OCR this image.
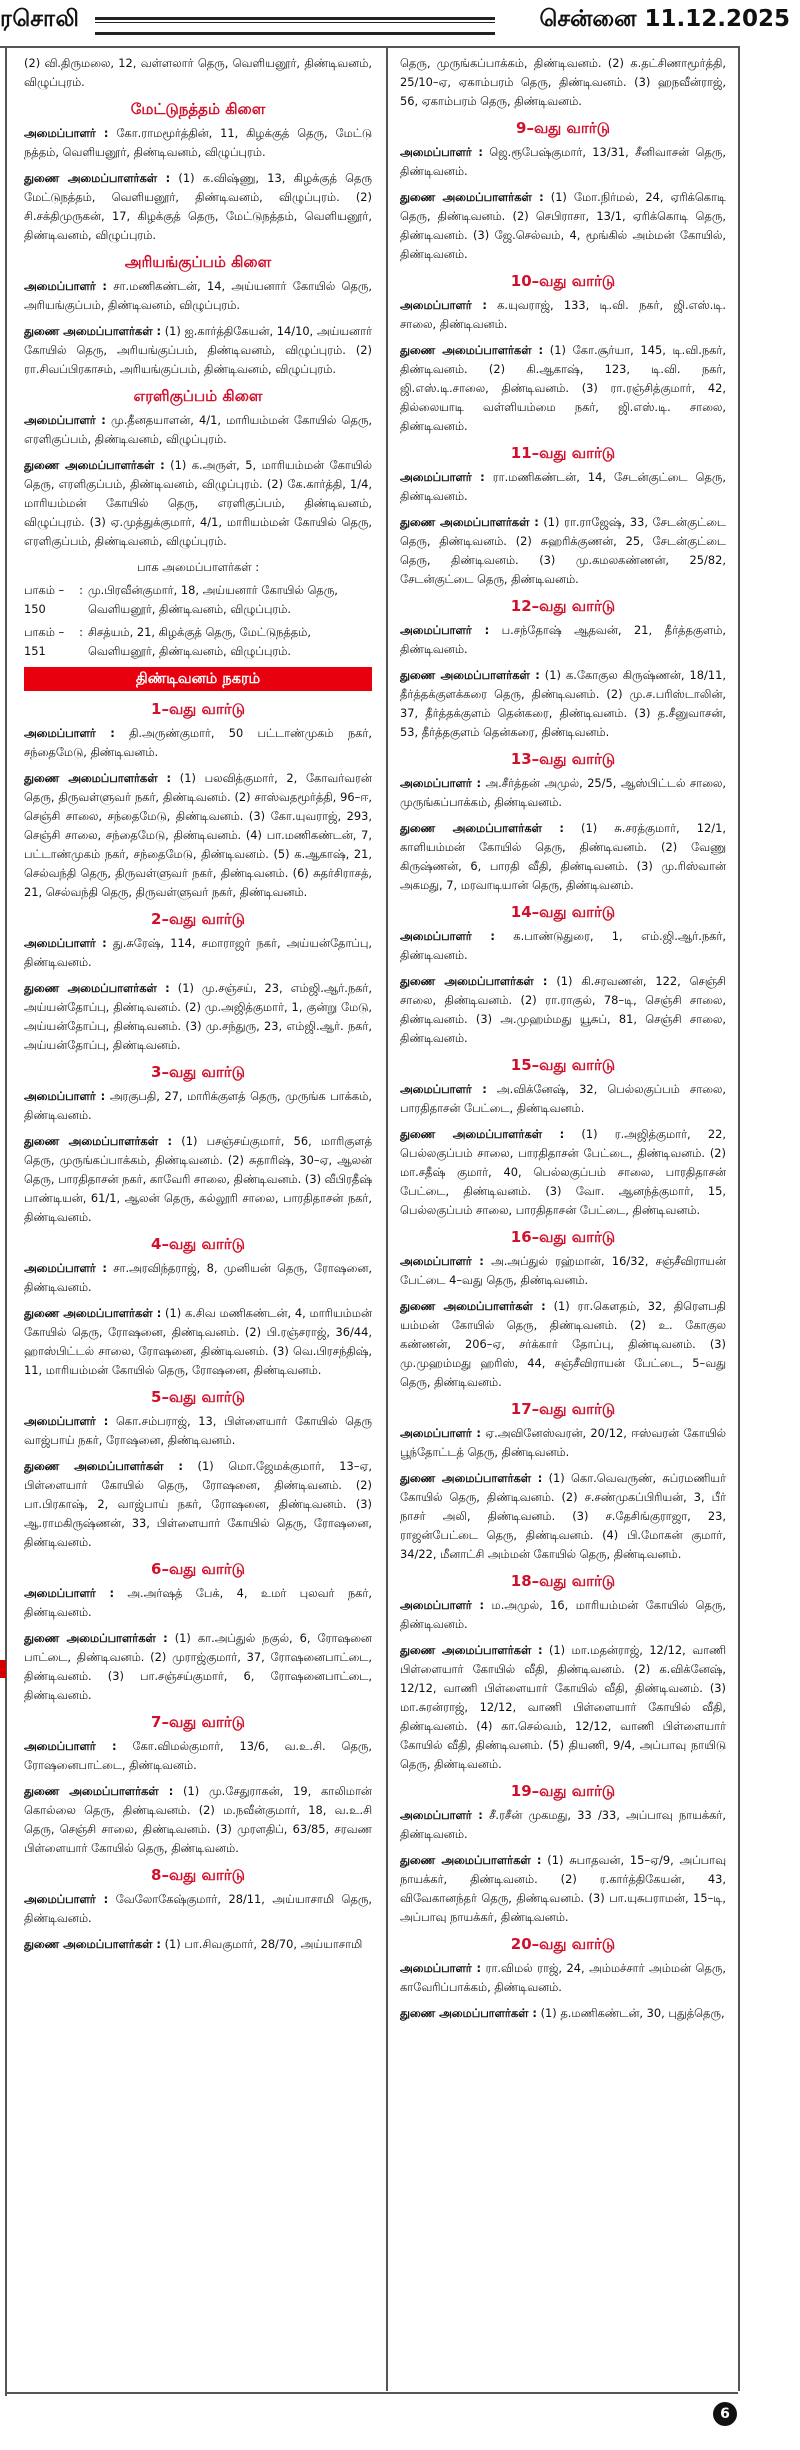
ரசொலி	சென்னை 11.12.2025

(2) வி.திருமலை, 12, வள்ளலார் தெரு, வெளியனூர், திண்டிவனம், விழுப்புரம்.

மேட்டுநத்தம் கிளை

அமைப்பாளர் : கோ.ராமமூர்த்தின், 11, கிழக்குத் தெரு, மேட்டு நத்தம், வெளியனூர், திண்டிவனம், விழுப்புரம்.

துணை அமைப்பாளர்கள் : (1) க.விஷ்ணு, 13, கிழக்குத் தெரு மேட்டுநத்தம், வெளியனூர், திண்டிவனம், விழுப்புரம். (2) சி.சக்திமுருகன், 17, கிழக்குத் தெரு, மேட்டுநத்தம், வெளியனூர், திண்டிவனம், விழுப்புரம்.

அரியங்குப்பம் கிளை

அமைப்பாளர் : சா.மணிகண்டன், 14, அய்யனார் கோயில் தெரு, அரியங்குப்பம், திண்டிவனம், விழுப்புரம்.

துணை அமைப்பாளர்கள் : (1) ஐ.கார்த்திகேயன், 14/10, அய்யனார் கோயில் தெரு, அரியங்குப்பம், திண்டிவனம், விழுப்புரம். (2) ரா.சிவப்பிரகாசம், அரியங்குப்பம், திண்டிவனம், விழுப்புரம்.

எரளிகுப்பம் கிளை

அமைப்பாளர் : மு.தீனதயாளன், 4/1, மாரியம்மன் கோயில் தெரு, எரளிகுப்பம், திண்டிவனம், விழுப்புரம்.

துணை அமைப்பாளர்கள் : (1) க.அருள், 5, மாரியம்மன் கோயில் தெரு, எரளிகுப்பம், திண்டிவனம், விழுப்புரம். (2) கே.கார்த்தி, 1/4, மாரியம்மன் கோயில் தெரு, எரளிகுப்பம், திண்டிவனம், விழுப்புரம். (3) ஏ.முத்துக்குமார், 4/1, மாரியம்மன் கோயில் தெரு, எரளிகுப்பம், திண்டிவனம், விழுப்புரம்.

பாக அமைப்பாளர்கள் :
பாகம் – 150
: மு.பிரவீன்குமார், 18, அய்யனார் கோயில் தெரு, வெளியனூர், திண்டிவனம், விழுப்புரம்.
பாகம் – 151
: சிசத்யம், 21, கிழக்குத் தெரு, மேட்டுநத்தம், வெளியனூர், திண்டிவனம், விழுப்புரம்.
திண்டிவனம் நகரம்
1–வது வார்டு

அமைப்பாளர் : தி.அருண்குமார், 50 பட்டாண்முகம் நகர், சந்தைமேடு, திண்டிவனம்.

துணை அமைப்பாளர்கள் : (1) பலவித்குமார், 2, கோவர்வரன் தெரு, திருவள்ளுவர் நகர், திண்டிவனம். (2) சாஸ்வதமூர்த்தி, 96–ஈ, செஞ்சி சாலை, சந்தைமேடு, திண்டிவனம். (3) கோ.யுவராஜ், 293, செஞ்சி சாலை, சந்தைமேடு, திண்டிவனம். (4) பா.மணிகண்டன், 7, பட்டாண்முகம் நகர், சந்தைமேடு, திண்டிவனம். (5) க.ஆகாஷ், 21, செல்வந்தி தெரு, திருவள்ளுவர் நகர், திண்டிவனம். (6) சுதர்சிராசத், 21, செல்வந்தி தெரு, திருவள்ளுவர் நகர், திண்டிவனம்.

2–வது வார்டு

அமைப்பாளர் : து.சுரேஷ், 114, சமாராஜர் நகர், அய்யன்தோப்பு, திண்டிவனம்.

துணை அமைப்பாளர்கள் : (1) மு.சஞ்சய், 23, எம்ஜி.ஆர்.நகர், அய்யன்தோப்பு, திண்டிவனம். (2) மு.அஜித்குமார், 1, குன்று மேடு, அய்யன்தோப்பு, திண்டிவனம். (3) மு.சந்துரு, 23, எம்ஜி.ஆர். நகர், அய்யன்தோப்பு, திண்டிவனம்.

3–வது வார்டு

அமைப்பாளர் : அரகுபதி, 27, மாரிக்குளத் தெரு, முருங்க பாக்கம், திண்டிவனம்.

துணை அமைப்பாளர்கள் : (1) பசஞ்சய்குமார், 56, மாரிகுளத் தெரு, முருங்கப்பாக்கம், திண்டிவனம். (2) சுதாரிஷ், 30–ஏ, ஆலன் தெரு, பாரதிதாசன் நகர், காவேரி சாலை, திண்டிவனம். (3) வீபிரதீஷ் பாண்டியன், 61/1, ஆலன் தெரு, கல்லூரி சாலை, பாரதிதாசன் நகர், திண்டிவனம்.

4–வது வார்டு

அமைப்பாளர் : சா.அரவிந்தராஜ், 8, முனியன் தெரு, ரோஷனை, திண்டிவனம்.

துணை அமைப்பாளர்கள் : (1) க.சிவ மணிகண்டன், 4, மாரியம்மன் கோயில் தெரு, ரோஷனை, திண்டிவனம். (2) பி.ரஞ்சராஜ், 36/44, ஹாஸ்பிட்டல் சாலை, ரோஷனை, திண்டிவனம். (3) வெ.பிரசந்திஷ், 11, மாரியம்மன் கோயில் தெரு, ரோஷனை, திண்டிவனம்.

5–வது வார்டு

அமைப்பாளர் : கொ.சம்பராஜ், 13, பிள்ளையார் கோயில் தெரு வாஜ்பாய் நகர், ரோஷனை, திண்டிவனம்.

துணை அமைப்பாளர்கள் : (1) மொ.ஜேமக்குமார், 13–ஏ, பிள்ளையார் கோயில் தெரு, ரோஷனை, திண்டிவனம். (2) பா.பிரகாஷ், 2, வாஜ்பாய் நகர், ரோஷனை, திண்டிவனம். (3) ஆ.ராமகிருஷ்ணன், 33, பிள்ளையார் கோயில் தெரு, ரோஷனை, திண்டிவனம்.

6–வது வார்டு

அமைப்பாளர் : அ.அர்ஷத் பேக், 4, உமர் புலவர் நகர், திண்டிவனம்.

துணை அமைப்பாளர்கள் : (1) கா.அப்துல் நகுல், 6, ரோஷனை பாட்டை, திண்டிவனம். (2) முராஜ்குமார், 37, ரோஷனைபாட்டை, திண்டிவனம். (3) பா.சஞ்சய்குமார், 6, ரோஷனைபாட்டை, திண்டிவனம்.

7–வது வார்டு

அமைப்பாளர் : கோ.விமல்குமார், 13/6, வ.உ.சி. தெரு, ரோஷனைபாட்டை, திண்டிவனம்.

துணை அமைப்பாளர்கள் : (1) மு.சேதுராகன், 19, காலிமான் கொல்லை தெரு, திண்டிவனம். (2) ம.நவீன்குமார், 18, வ.உ.சி தெரு, செஞ்சி சாலை, திண்டிவனம். (3) முரளதிப், 63/85, சரவண பிள்ளையார் கோயில் தெரு, திண்டிவனம்.

8–வது வார்டு

அமைப்பாளர் : வேலோகேஷ்குமார், 28/11, அய்யாசாமி தெரு, திண்டிவனம்.

துணை அமைப்பாளர்கள் : (1) பா.சிவகுமார், 28/70, அய்யாசாமி

தெரு, முருங்கப்பாக்கம், திண்டிவனம். (2) க.தட்சிணாமூர்த்தி, 25/10–ஏ, ஏகாம்பரம் தெரு, திண்டிவனம். (3) ஹநவீன்ராஜ், 56, ஏகாம்பரம் தெரு, திண்டிவனம்.

9–வது வார்டு

அமைப்பாளர் : ஜெ.ரூபேஷ்குமார், 13/31, சீனிவாசன் தெரு, திண்டிவனம்.

துணை அமைப்பாளர்கள் : (1) மோ.நிர்மல், 24, ஏரிக்கொடி தெரு, திண்டிவனம். (2) செபிராசா, 13/1, ஏரிக்கொடி தெரு, திண்டிவனம். (3) ஜே.செல்வம், 4, மூங்கில் அம்மன் கோயில், திண்டிவனம்.

10–வது வார்டு

அமைப்பாளர் : க.யுவராஜ், 133, டி.வி. நகர், ஜி.எஸ்.டி. சாலை, திண்டிவனம்.

துணை அமைப்பாளர்கள் : (1) கோ.சூர்யா, 145, டி.வி.நகர், திண்டிவனம். (2) கி.ஆகாஷ், 123, டி.வி. நகர், ஜி.எஸ்.டி.சாலை, திண்டிவனம். (3) ரா.ரஞ்சித்குமார், 42, தில்லையாடி வள்ளியம்மை நகர், ஜி.எஸ்.டி. சாலை, திண்டிவனம்.

11–வது வார்டு

அமைப்பாளர் : ரா.மணிகண்டன், 14, சேடன்குட்டை தெரு, திண்டிவனம்.

துணை அமைப்பாளர்கள் : (1) ரா.ராஜேஷ், 33, சேடன்குட்டை தெரு, திண்டிவனம். (2) சுஹரிக்குணன், 25, சேடன்குட்டை தெரு, திண்டிவனம். (3) மு.கமலகண்ணன், 25/82, சேடன்குட்டை தெரு, திண்டிவனம்.

12–வது வார்டு

அமைப்பாளர் : ப.சந்தோஷ் ஆதவன், 21, தீர்த்தகுளம், திண்டிவனம்.

துணை அமைப்பாளர்கள் : (1) க.கோகுல கிருஷ்ணன், 18/11, தீர்த்தக்குளக்கரை தெரு, திண்டிவனம். (2) மு.ச.பரிஸ்டாலின், 37, தீர்த்தக்குளம் தென்கரை, திண்டிவனம். (3) த.சீனுவாசன், 53, தீர்த்தகுளம் தென்கரை, திண்டிவனம்.

13–வது வார்டு

அமைப்பாளர் : அ.சீர்த்தன் அமுல், 25/5, ஆஸ்பிட்டல் சாலை, முருங்கப்பாக்கம், திண்டிவனம்.

துணை அமைப்பாளர்கள் : (1) சு.சரத்குமார், 12/1, காளியம்மன் கோயில் தெரு, திண்டிவனம். (2) வேணு கிருஷ்ணன், 6, பாரதி வீதி, திண்டிவனம். (3) மு.ரிஸ்வான் அகமது, 7, மரவாடியான் தெரு, திண்டிவனம்.

14–வது வார்டு

அமைப்பாளர் : க.பாண்டுதுரை, 1, எம்.ஜி.ஆர்.நகர், திண்டிவனம்.

துணை அமைப்பாளர்கள் : (1) கி.சரவணன், 122, செஞ்சி சாலை, திண்டிவனம். (2) ரா.ராகுல், 78–டி, செஞ்சி சாலை, திண்டிவனம். (3) அ.முஹம்மது யூசுப், 81, செஞ்சி சாலை, திண்டிவனம்.

15–வது வார்டு

அமைப்பாளர் : அ.விக்னேஷ், 32, பெல்லகுப்பம் சாலை, பாரதிதாசன் பேட்டை, திண்டிவனம்.

துணை அமைப்பாளர்கள் : (1) ர.அஜித்குமார், 22, பெல்லகுப்பம் சாலை, பாரதிதாசன் பேட்டை, திண்டிவனம். (2) மா.சதீஷ் குமார், 40, பெல்லகுப்பம் சாலை, பாரதிதாசன் பேட்டை, திண்டிவனம். (3) வோ. ஆனந்த்குமார், 15, பெல்லகுப்பம் சாலை, பாரதிதாசன் பேட்டை, திண்டிவனம்.

16–வது வார்டு

அமைப்பாளர் : அ.அப்துல் ரஹ்மான், 16/32, சஞ்சீவிராயன் பேட்டை 4–வது தெரு, திண்டிவனம்.

துணை அமைப்பாளர்கள் : (1) ரா.கௌதம், 32, திரௌபதி யம்மன் கோயில் தெரு, திண்டிவனம். (2) உ. கோகுல கண்ணன், 206–ஏ, சர்க்கார் தோப்பு, திண்டிவனம். (3) மு.முஹம்மது ஹரிஸ், 44, சஞ்சீவிராயன் பேட்டை, 5–வது தெரு, திண்டிவனம்.

17–வது வார்டு

அமைப்பாளர் : ஏ.அவினேஸ்வரன், 20/12, ஈஸ்வரன் கோயில் பூந்தோட்டத் தெரு, திண்டிவனம்.

துணை அமைப்பாளர்கள் : (1) கொ.வெவருண், சுப்ரமணியர் கோயில் தெரு, திண்டிவனம். (2) ச.சண்முகப்பிரியன், 3, பீர் நாசர் அலி, திண்டிவனம். (3) ச.தேசிங்குராஜா, 23, ராஜன்பேட்டை தெரு, திண்டிவனம். (4) பி.மோகன் குமார், 34/22, மீனாட்சி அம்மன் கோயில் தெரு, திண்டிவனம்.

18–வது வார்டு

அமைப்பாளர் : ம.அமுல், 16, மாரியம்மன் கோயில் தெரு, திண்டிவனம்.

துணை அமைப்பாளர்கள் : (1) மா.மதன்ராஜ், 12/12, வாணி பிள்ளையார் கோயில் வீதி, திண்டிவனம். (2) க.விக்னேஷ், 12/12, வாணி பிள்ளையார் கோயில் வீதி, திண்டிவனம். (3) மா.சுரன்ராஜ், 12/12, வாணி பிள்ளையார் கோயில் வீதி, திண்டிவனம். (4) கா.செல்வம், 12/12, வாணி பிள்ளையார் கோயில் வீதி, திண்டிவனம். (5) தியணி, 9/4, அப்பாவு நாயிடு தெரு, திண்டிவனம்.

19–வது வார்டு

அமைப்பாளர் : சீ.ரசீன் முகமது, 33 /33, அப்பாவு நாயக்கர், திண்டிவனம்.

துணை அமைப்பாளர்கள் : (1) சுபாதவன், 15–ஏ/9, அப்பாவு நாயக்கர், திண்டிவனம். (2) ர.கார்த்திகேயன், 43, விவேகானந்தர் தெரு, திண்டிவனம். (3) பா.யுசுபராமன், 15–டி, அப்பாவு நாயக்கர், திண்டிவனம்.

20–வது வார்டு

அமைப்பாளர் : ரா.விமல் ராஜ், 24, அம்மச்சார் அம்மன் தெரு, காவேரிப்பாக்கம், திண்டிவனம்.

துணை அமைப்பாளர்கள் : (1) த.மணிகண்டன், 30, புதுத்தெரு,

6
